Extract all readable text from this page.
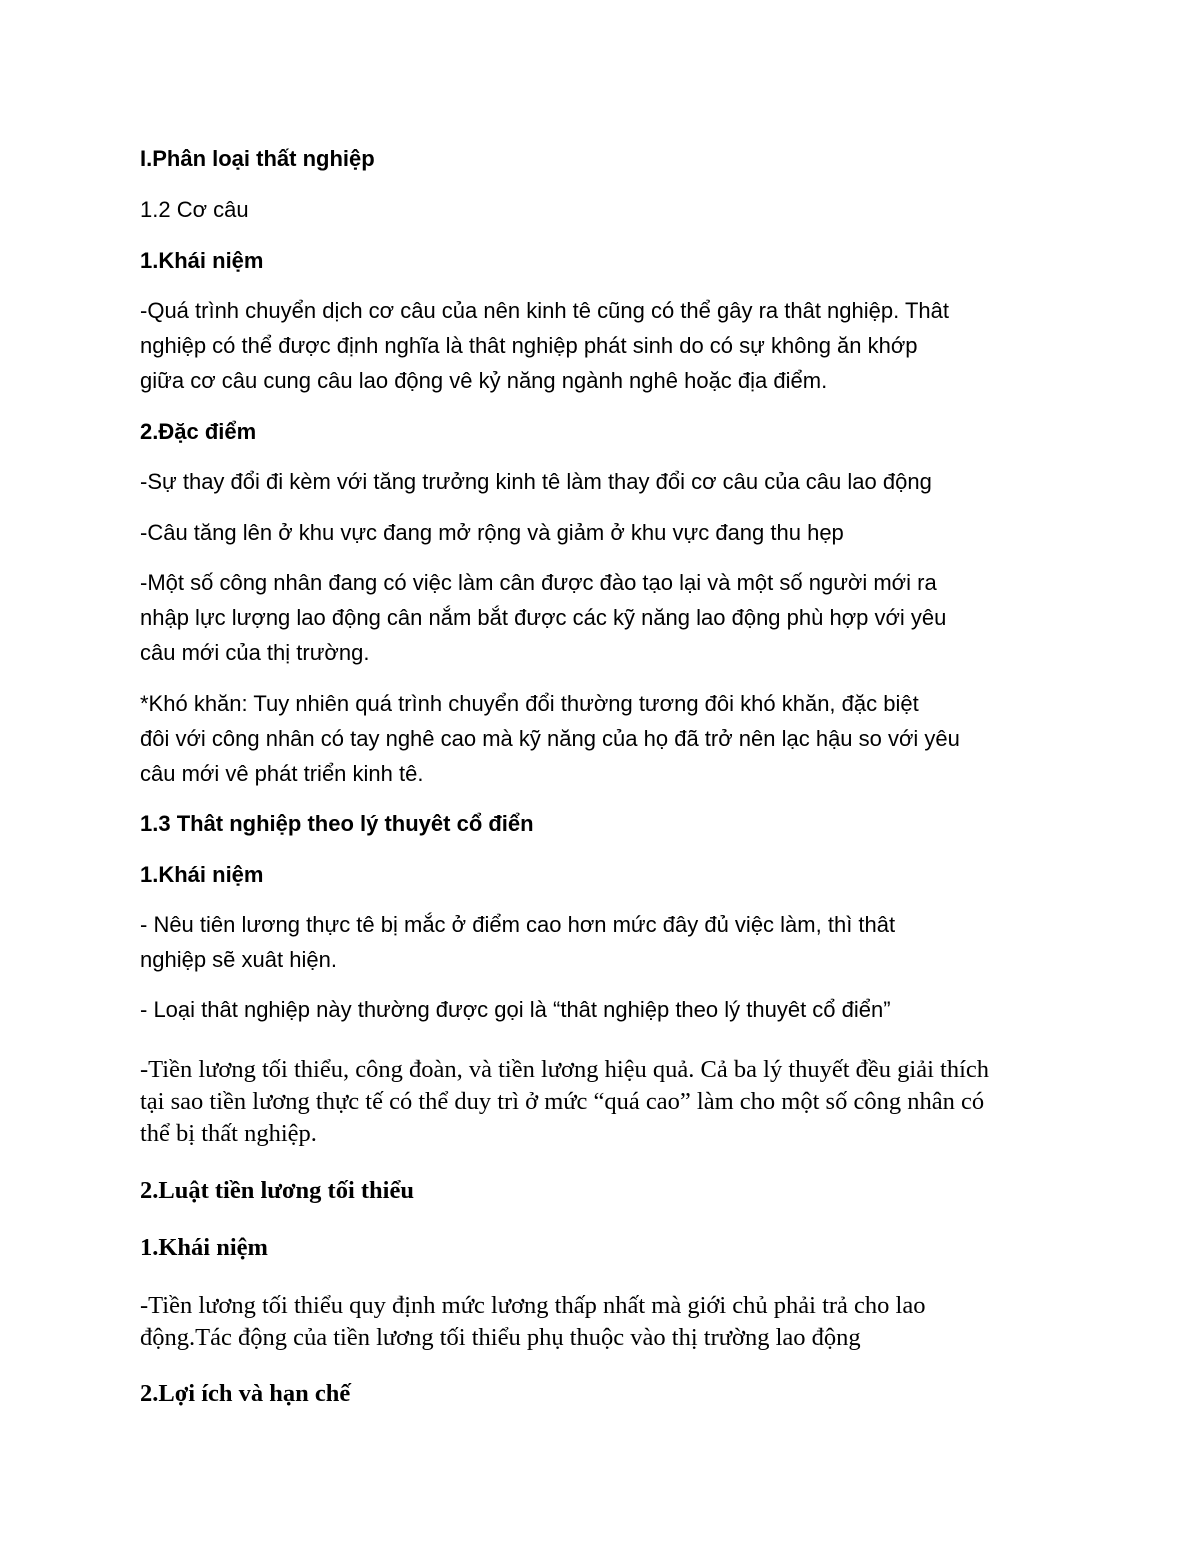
I.Phân loại thất nghiệp

1.2 Cơ câu

1.Khái niệm

-Quá trình chuyển dịch cơ câu của nên kinh tê cũng có thể gây ra thât nghiệp. Thât

nghiệp có thể được định nghĩa là thât nghiệp phát sinh do có sự không ăn khớp

giữa cơ câu cung câu lao động vê kỷ năng ngành nghê hoặc địa điểm.

2.Đặc điểm

-Sự thay đổi đi kèm với tăng trưởng kinh tê làm thay đổi cơ câu của câu lao động

-Câu tăng lên ở khu vực đang mở rộng và giảm ở khu vực đang thu hẹp

-Một số công nhân đang có việc làm cân được đào tạo lại và một số người mới ra

nhập lực lượng lao động cân nắm bắt được các kỹ năng lao động phù hợp với yêu

câu mới của thị trường.

*Khó khăn: Tuy nhiên quá trình chuyển đổi thường tương đôi khó khăn, đặc biệt

đôi với công nhân có tay nghê cao mà kỹ năng của họ đã trở nên lạc hậu so với yêu

câu mới vê phát triển kinh tê.

1.3 Thât nghiệp theo lý thuyêt cổ điển

1.Khái niệm

- Nêu tiên lương thực tê bị mắc ở điểm cao hơn mức đây đủ việc làm, thì thât

nghiệp sẽ xuât hiện.

- Loại thât nghiệp này thường được gọi là “thât nghiệp theo lý thuyêt cổ điển”

-Tiền lương tối thiểu, công đoàn, và tiền lương hiệu quả. Cả ba lý thuyết đều giải thích

tại sao tiền lương thực tế có thể duy trì ở mức “quá cao” làm cho một số công nhân có

thể bị thất nghiệp.

2.Luật tiền lương tối thiểu

1.Khái niệm

-Tiền lương tối thiểu quy định mức lương thấp nhất mà giới chủ phải trả cho lao

động.Tác động của tiền lương tối thiểu phụ thuộc vào thị trường lao động

2.Lợi ích và hạn chế
